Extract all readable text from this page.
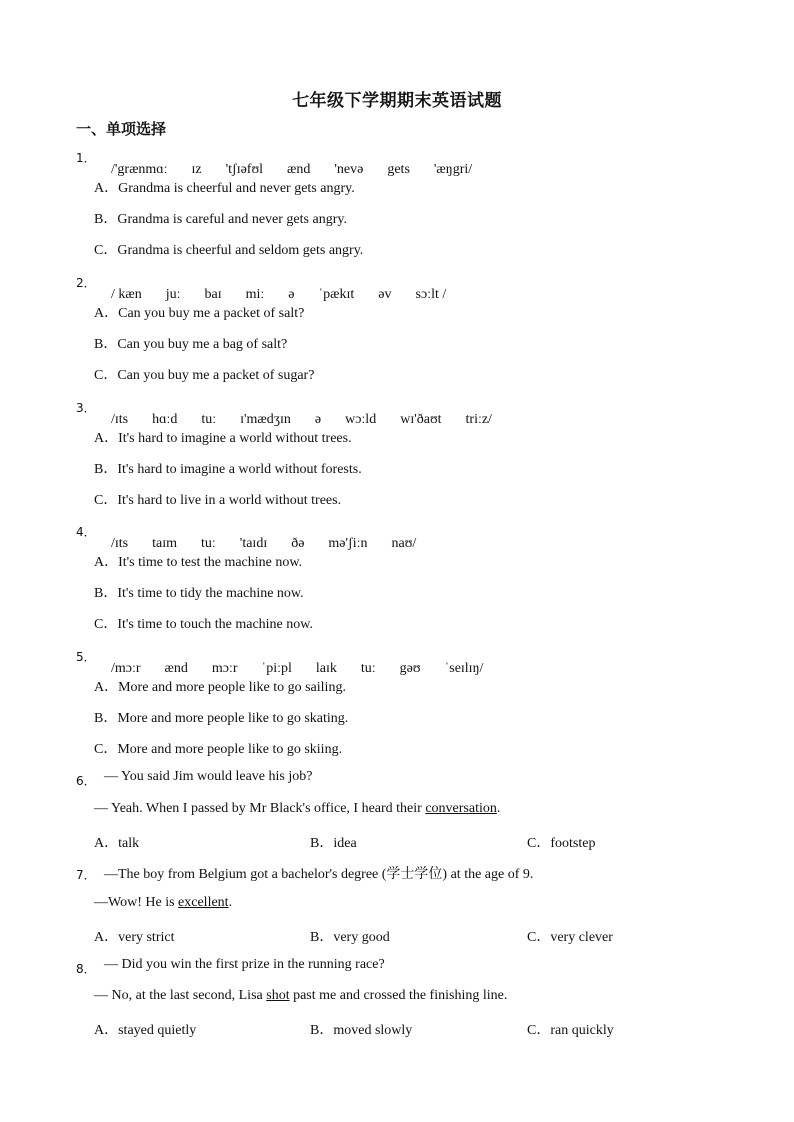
七年级下学期期末英语试题
一、单项选择
1．

/'grænmɑː ɪz 'tʃɪəfʊl ænd 'nevə gets 'æŋgri/

A．Grandma is cheerful and never gets angry.
B．Grandma is careful and never gets angry.
C．Grandma is cheerful and seldom gets angry.
2．

/ kæn juː baɪ miː ə ˈpækɪt əv sɔːlt /

A．Can you buy me a packet of salt?
B．Can you buy me a bag of salt?
C．Can you buy me a packet of sugar?
3．

/ɪts hɑːd tuː ɪ'mædʒɪn ə wɔːld wɪ'ðaʊt triːz/

A．It's hard to imagine a world without trees.
B．It's hard to imagine a world without forests.
C．It's hard to live in a world without trees.
4．

/ɪts taɪm tuː 'taɪdɪ ðə mə'ʃiːn naʊ/

A．It's time to test the machine now.
B．It's time to tidy the machine now.
C．It's time to touch the machine now.
5．

/mɔːr ænd mɔːr ˈpiːpl laɪk tuː gəʊ ˈseɪlɪŋ/

A．More and more people like to go sailing.
B．More and more people like to go skating.
C．More and more people like to go skiing.
6． — You said Jim would leave his job?
— Yeah. When I passed by Mr Black's office, I heard their conversation.
A．talk	B．idea	C．footstep
7． —The boy from Belgium got a bachelor's degree (学士学位) at the age of 9.
—Wow! He is excellent.
A．very strict	B．very good	C．very clever
8． — Did you win the first prize in the running race?
— No, at the last second, Lisa shot past me and crossed the finishing line.
A．stayed quietly	B．moved slowly	C．ran quickly
